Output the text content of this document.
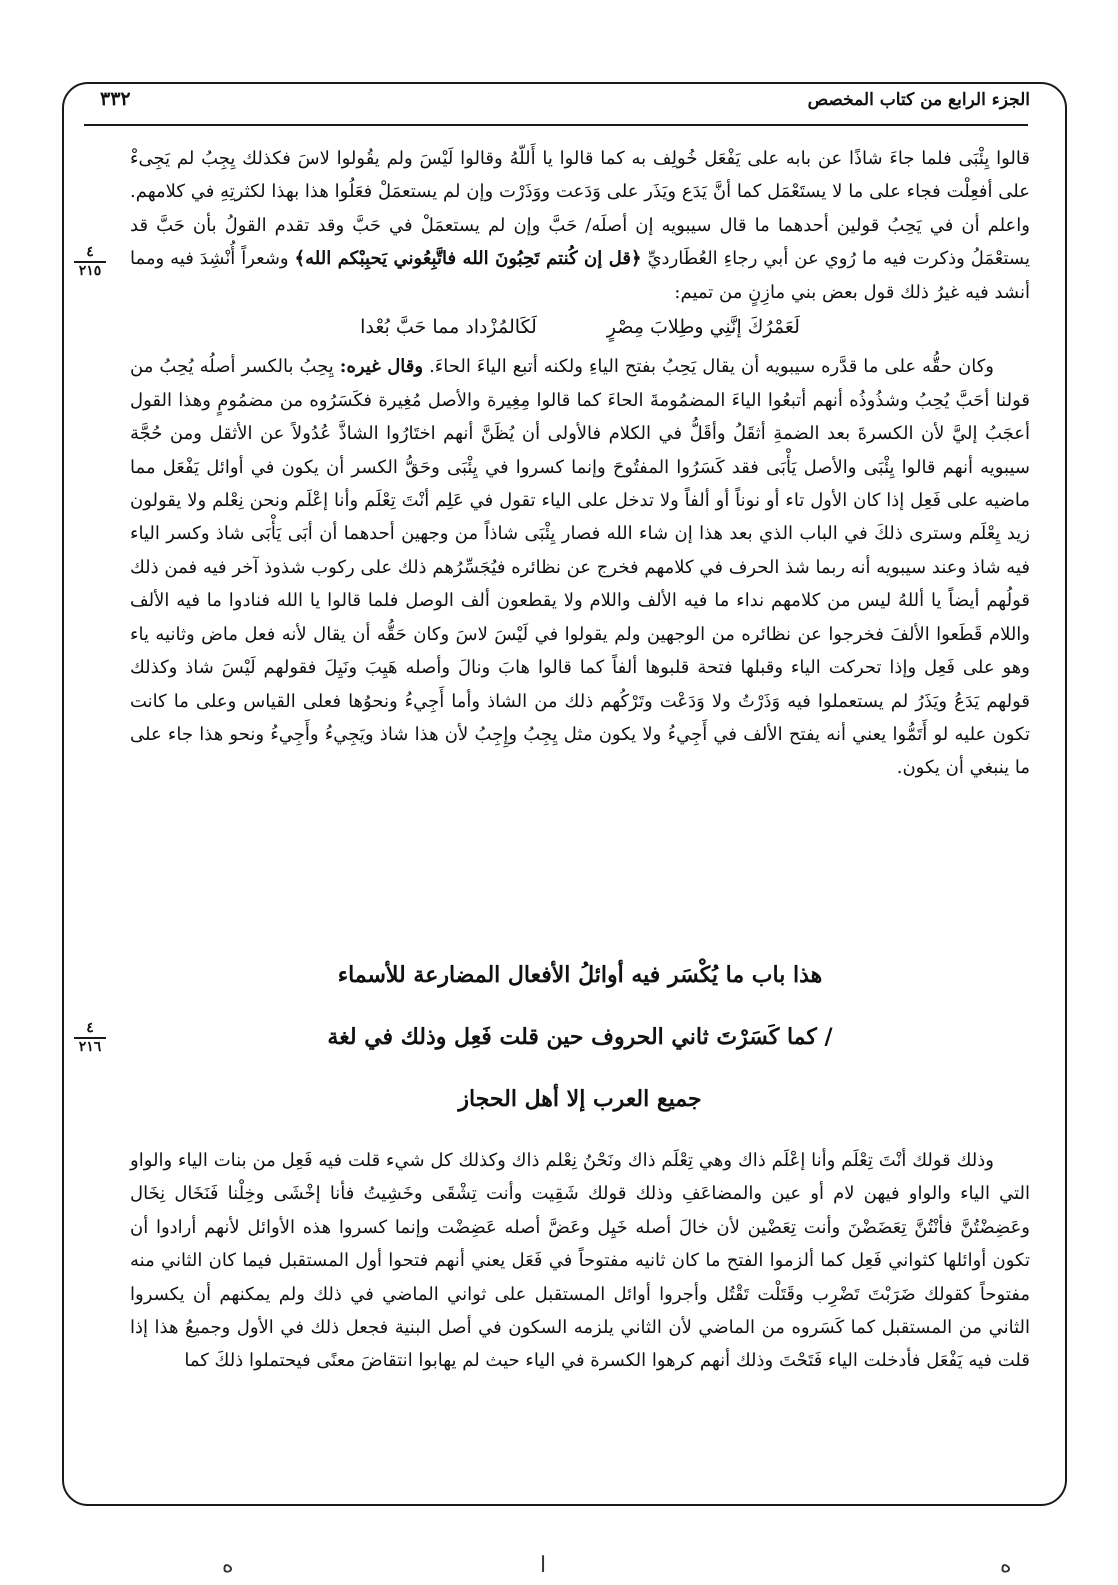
الجزء الرابع من كتاب المخصص
٣٣٢
٤
٢١٥
٤
٢١٦

قالوا يِئْبَى فلما جاءَ شاذًا عن بابه على يَفْعَل خُولِف به كما قالوا يا أَللّهُ وقالوا لَيْسَ ولم يقُولوا لاسَ فكذلك يِجِبُ لم يَجِىءْ على أفعِلْت فجاء على ما لا يستَعْمَل كما أنَّ يَدَع ويَذَر على وَدَعت ووَذَرْت وإن لم يستعمَلْ فعَلُوا هذا بهذا لكثرتِهِ في كلامهم. واعلم أن في يَحِبُ قولين أحدهما ما قال سيبويه إن أصلَه/ حَبَّ وإن لم يستعمَلْ في حَبَّ وقد تقدم القولُ بأن حَبَّ قد يستعْمَلُ وذكرت فيه ما رُوي عن أبي رجاءِ العُطَارديِّ ﴿قل إن كُنتم تَحِبُونَ الله فاتَّبِعُوني يَحبِبْكم الله﴾ وشعراً أُنْشِدَ فيه ومما أنشد فيه غيرُ ذلك قول بعض بني مازِنٍ من تميم:

لَعَمْرُكَ إنَّنِي وطِلابَ مِصْرٍ
لَكَالمُزْداد مما حَبَّ بُعْدا

وكان حقُّه على ما قدَّره سيبويه أن يقال يَحِبُ بفتح الياءِ ولكنه أتبع الياءَ الحاءَ. وقال غيره: يِحِبُ بالكسر أصلُه يُحِبُ من قولنا أحَبَّ يُحِبُ وشذُوذُه أنهم أتبعُوا الياءَ المضمُومةَ الحاءَ كما قالوا مِغِيرة والأصل مُغِيرة فكَسَرُوه من مضمُومٍ وهذا القول أعجَبُ إليَّ لأن الكسرةَ بعد الضمةِ أثقَلُ وأقَلُّ في الكلام فالأولى أن يُظَنَّ أنهم اختَارُوا الشاذَّ عُدُولاً عن الأثقل ومن حُجَّة سيبويه أنهم قالوا يِئْبَى والأصل يَأْبَى فقد كَسَرُوا المفتُوحَ وإنما كسروا في يِئْبَى وحَقُّ الكسر أن يكون في أوائل يَفْعَل مما ماضيه على فَعِل إذا كان الأول تاء أو نوناً أو ألفاً ولا تدخل على الياء تقول في عَلِم أنْتَ تِعْلَم وأنا إعْلَم ونحن نِعْلم ولا يقولون زيد يِعْلَم وسترى ذلكَ في الباب الذي بعد هذا إن شاء الله فصار يِئْبَى شاذاً من وجهين أحدهما أن أبَى يَأْبَى شاذ وكسر الياء فيه شاذ وعند سيبويه أنه ربما شذ الحرف في كلامهم فخرج عن نظائره فيُجَسِّرُهم ذلك على ركوب شذوذ آخر فيه فمن ذلك قولُهم أيضاً يا أللهُ ليس من كلامهم نداء ما فيه الألف واللام ولا يقطعون ألف الوصل فلما قالوا يا الله فنادوا ما فيه الألف واللام قَطَعوا الألفَ فخرجوا عن نظائره من الوجهين ولم يقولوا في لَيْسَ لاسَ وكان حَقُّه أن يقال لأنه فعل ماض وثانيه ياء وهو على فَعِل وإذا تحركت الياء وقبلها فتحة قلبوها ألفاً كما قالوا هابَ ونالَ وأصله هَيِبَ ونَيِلَ فقولهم لَيْسَ شاذ وكذلك قولهم يَدَعُ ويَذَرُ لم يستعملوا فيه وَذَرْتُ ولا وَدَعْت وتَرْكُهم ذلك من الشاذ وأما أَجِيءُ ونحوُها فعلى القياس وعلى ما كانت تكون عليه لو أَتَمُّوا يعني أنه يفتح الألف في أَجِيءُ ولا يكون مثل يِجِبُ وإِجِبُ لأن هذا شاذ ويَجِيءُ وأَجِيءُ ونحو هذا جاء على ما ينبغي أن يكون.

هذا باب ما يُكْسَر فيه أوائلُ الأفعال المضارعة للأسماء
/ كما كَسَرْتَ ثاني الحروف حين قلت فَعِل وذلك في لغة
جميع العرب إلا أهل الحجاز

وذلك قولك أنْتَ تِعْلَم وأنا إعْلَم ذاك وهي تِعْلَم ذاك ونَحْنُ نِعْلم ذاك وكذلك كل شيء قلت فيه فَعِل من بنات الياء والواو التي الياء والواو فيهن لام أو عين والمضاعَفِ وذلك قولك شَقِيت وأنت تِشْقَى وخَشِيتُ فأنا إخْشَى وخِلْنا فَنَخَال نِخَال وعَضِضْتُنَّ فأنْتُنَّ تِعَضَضْنَ وأنت تِعَضْين لأن خالَ أصله خَيِل وعَضَّ أصله عَضِضْت وإنما كسروا هذه الأوائل لأنهم أرادوا أن تكون أوائلها كثواني فَعِل كما ألزموا الفتح ما كان ثانيه مفتوحاً في فَعَل يعني أنهم فتحوا أول المستقبل فيما كان الثاني منه مفتوحاً كقولك ضَرَبْتَ تَضْرِب وقَتَلْت تَقْتُل وأجروا أوائل المستقبل على ثواني الماضي في ذلك ولم يمكنهم أن يكسروا الثاني من المستقبل كما كَسَروه من الماضي لأن الثاني يلزمه السكون في أصل البنية فجعل ذلك في الأول وجميعُ هذا إذا قلت فيه يَفْعَل فأدخلت الياء فَتَحْتَ وذلك أنهم كرهوا الكسرة في الياء حيث لم يهابوا انتقاضَ معنًى فيحتملوا ذلكَ كما

ه	ا	ه
